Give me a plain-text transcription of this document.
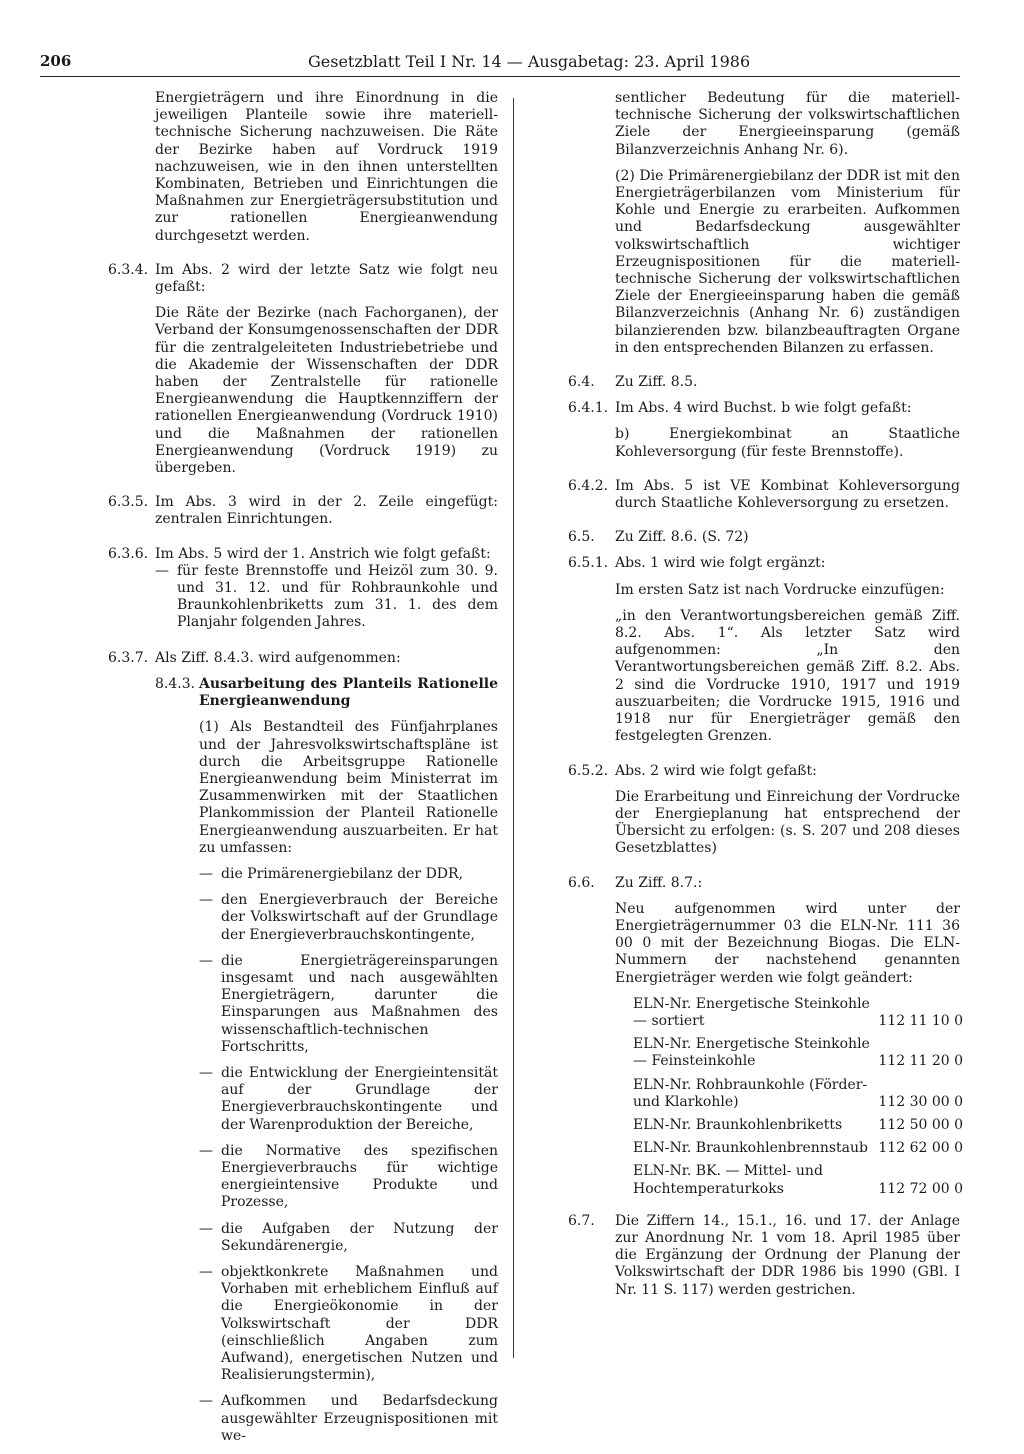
206	Gesetzblatt Teil I Nr. 14 — Ausgabetag: 23. April 1986

Energieträgern und ihre Einordnung in die jeweiligen Planteile sowie ihre materiell-technische Sicherung nachzuweisen. Die Räte der Bezirke haben auf Vordruck 1919 nachzuweisen, wie in den ihnen unterstellten Kombinaten, Betrieben und Einrichtungen die Maßnahmen zur Energieträgersubstitution und zur rationellen Energieanwendung durchgesetzt werden.

6.3.4. Im Abs. 2 wird der letzte Satz wie folgt neu gefaßt:

Die Räte der Bezirke (nach Fachorganen), der Verband der Konsumgenossenschaften der DDR für die zentralgeleiteten Industriebetriebe und die Akademie der Wissenschaften der DDR haben der Zentralstelle für rationelle Energieanwendung die Hauptkennziffern der rationellen Energieanwendung (Vordruck 1910) und die Maßnahmen der rationellen Energieanwendung (Vordruck 1919) zu übergeben.

6.3.5. Im Abs. 3 wird in der 2. Zeile eingefügt: zentralen Einrichtungen.

6.3.6. Im Abs. 5 wird der 1. Anstrich wie folgt gefaßt:

— für feste Brennstoffe und Heizöl zum 30. 9. und 31. 12. und für Rohbraunkohle und Braunkohlenbriketts zum 31. 1. des dem Planjahr folgenden Jahres.
6.3.7. Als Ziff. 8.4.3. wird aufgenommen:

8.4.3. Ausarbeitung des Planteils Rationelle Energieanwendung

(1) Als Bestandteil des Fünfjahrplanes und der Jahresvolkswirtschaftspläne ist durch die Arbeitsgruppe Rationelle Energieanwendung beim Ministerrat im Zusammenwirken mit der Staatlichen Plankommission der Planteil Rationelle Energieanwendung auszuarbeiten. Er hat zu umfassen:

— die Primärenergiebilanz der DDR,
— den Energieverbrauch der Bereiche der Volkswirtschaft auf der Grundlage der Energieverbrauchskontingente,
— die Energieträgereinsparungen insgesamt und nach ausgewählten Energieträgern, darunter die Einsparungen aus Maßnahmen des wissenschaftlich-technischen Fortschritts,
— die Entwicklung der Energieintensität auf der Grundlage der Energieverbrauchskontingente und der Warenproduktion der Bereiche,
— die Normative des spezifischen Energieverbrauchs für wichtige energieintensive Produkte und Prozesse,
— die Aufgaben der Nutzung der Sekundärenergie,
— objektkonkrete Maßnahmen und Vorhaben mit erheblichem Einfluß auf die Energieökonomie in der Volkswirtschaft der DDR (einschließlich Angaben zum Aufwand), energetischen Nutzen und Realisierungstermin),
— Aufkommen und Bedarfsdeckung ausgewählter Erzeugnispositionen mit we-

sentlicher Bedeutung für die materiell-technische Sicherung der volkswirtschaftlichen Ziele der Energieeinsparung (gemäß Bilanzverzeichnis Anhang Nr. 6).

(2) Die Primärenergiebilanz der DDR ist mit den Energieträgerbilanzen vom Ministerium für Kohle und Energie zu erarbeiten. Aufkommen und Bedarfsdeckung ausgewählter volkswirtschaftlich wichtiger Erzeugnispositionen für die materiell-technische Sicherung der volkswirtschaftlichen Ziele der Energieeinsparung haben die gemäß Bilanzverzeichnis (Anhang Nr. 6) zuständigen bilanzierenden bzw. bilanzbeauftragten Organe in den entsprechenden Bilanzen zu erfassen.

6.4. Zu Ziff. 8.5.

6.4.1. Im Abs. 4 wird Buchst. b wie folgt gefaßt:

b) Energiekombinat an Staatliche Kohleversorgung (für feste Brennstoffe).

6.4.2. Im Abs. 5 ist VE Kombinat Kohleversorgung durch Staatliche Kohleversorgung zu ersetzen.

6.5. Zu Ziff. 8.6. (S. 72)

6.5.1. Abs. 1 wird wie folgt ergänzt:

Im ersten Satz ist nach Vordrucke einzufügen:

„in den Verantwortungsbereichen gemäß Ziff. 8.2. Abs. 1“. Als letzter Satz wird aufgenommen: „In den Verantwortungsbereichen gemäß Ziff. 8.2. Abs. 2 sind die Vordrucke 1910, 1917 und 1919 auszuarbeiten; die Vordrucke 1915, 1916 und 1918 nur für Energieträger gemäß den festgelegten Grenzen.

6.5.2. Abs. 2 wird wie folgt gefaßt:

Die Erarbeitung und Einreichung der Vordrucke der Energieplanung hat entsprechend der Übersicht zu erfolgen: (s. S. 207 und 208 dieses Gesetzblattes)

6.6. Zu Ziff. 8.7.:

Neu aufgenommen wird unter der Energieträgernummer 03 die ELN-Nr. 111 36 00 0 mit der Bezeichnung Biogas. Die ELN-Nummern der nachstehend genannten Energieträger werden wie folgt geändert:

ELN-Nr. Energetische Steinkohle — sortiert	112 11 10 0
ELN-Nr. Energetische Steinkohle — Feinsteinkohle	112 11 20 0
ELN-Nr. Rohbraunkohle (Förder- und Klarkohle)	112 30 00 0
ELN-Nr. Braunkohlenbriketts	112 50 00 0
ELN-Nr. Braunkohlenbrennstaub	112 62 00 0
ELN-Nr. BK. — Mittel- und Hochtemperaturkoks	112 72 00 0
6.7. Die Ziffern 14., 15.1., 16. und 17. der Anlage zur Anordnung Nr. 1 vom 18. April 1985 über die Ergänzung der Ordnung der Planung der Volkswirtschaft der DDR 1986 bis 1990 (GBl. I Nr. 11 S. 117) werden gestrichen.
